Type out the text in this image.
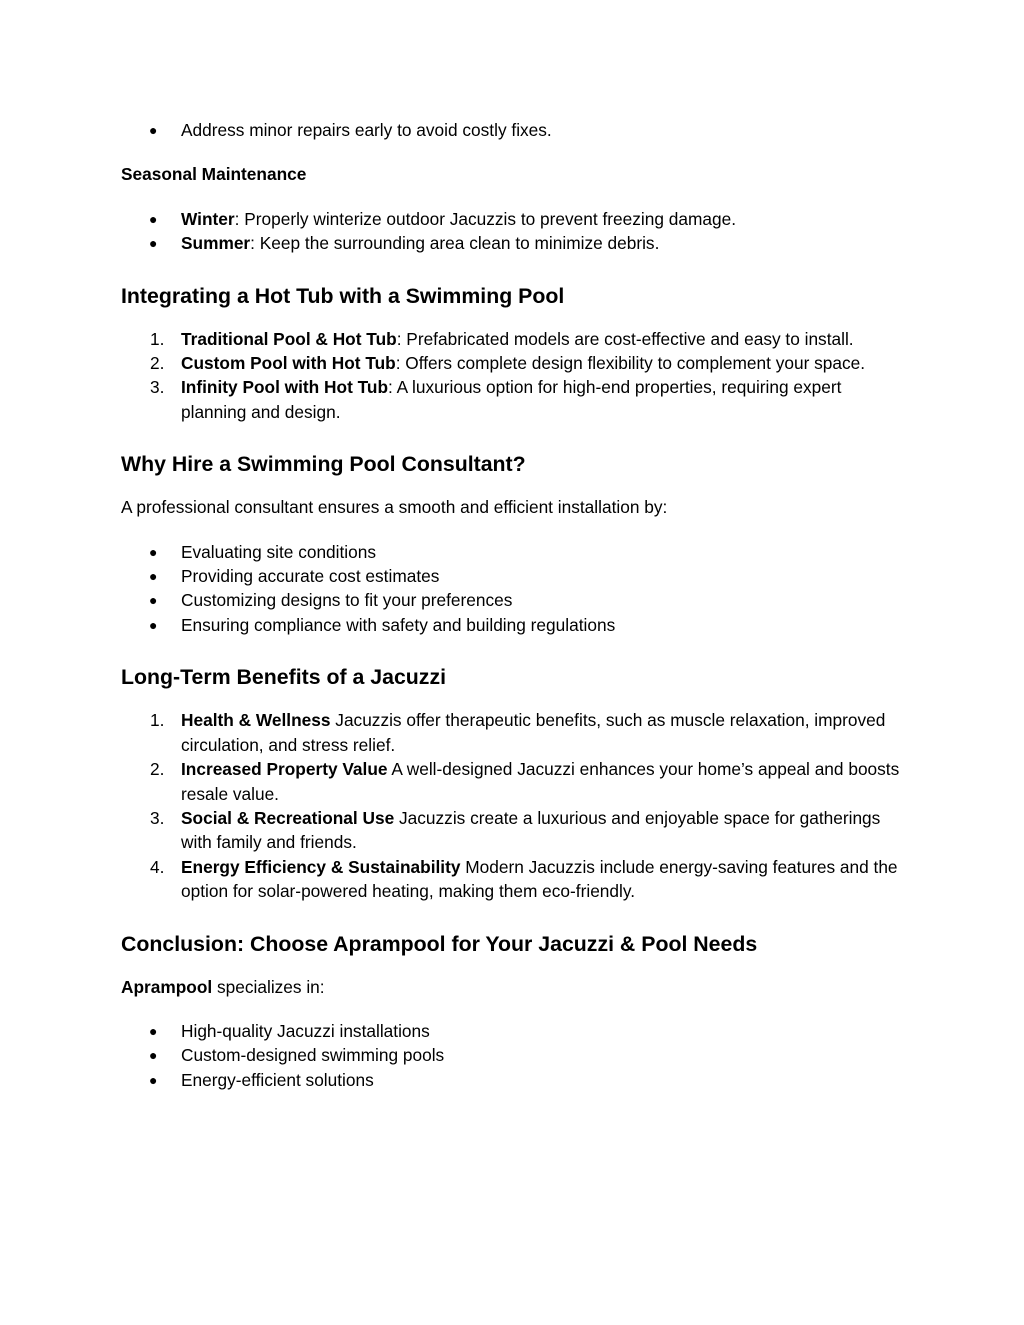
● Address minor repairs early to avoid costly fixes.
Seasonal Maintenance
● Winter: Properly winterize outdoor Jacuzzis to prevent freezing damage.
● Summer: Keep the surrounding area clean to minimize debris.
Integrating a Hot Tub with a Swimming Pool
1. Traditional Pool & Hot Tub: Prefabricated models are cost-effective and easy to install.
2. Custom Pool with Hot Tub: Offers complete design flexibility to complement your space.
3. Infinity Pool with Hot Tub: A luxurious option for high-end properties, requiring expert planning and design.
Why Hire a Swimming Pool Consultant?
A professional consultant ensures a smooth and efficient installation by:
● Evaluating site conditions
● Providing accurate cost estimates
● Customizing designs to fit your preferences
● Ensuring compliance with safety and building regulations
Long-Term Benefits of a Jacuzzi
1. Health & Wellness Jacuzzis offer therapeutic benefits, such as muscle relaxation, improved circulation, and stress relief.
2. Increased Property Value A well-designed Jacuzzi enhances your home’s appeal and boosts resale value.
3. Social & Recreational Use Jacuzzis create a luxurious and enjoyable space for gatherings with family and friends.
4. Energy Efficiency & Sustainability Modern Jacuzzis include energy-saving features and the option for solar-powered heating, making them eco-friendly.
Conclusion: Choose Aprampool for Your Jacuzzi & Pool Needs
Aprampool specializes in:
● High-quality Jacuzzi installations
● Custom-designed swimming pools
● Energy-efficient solutions
